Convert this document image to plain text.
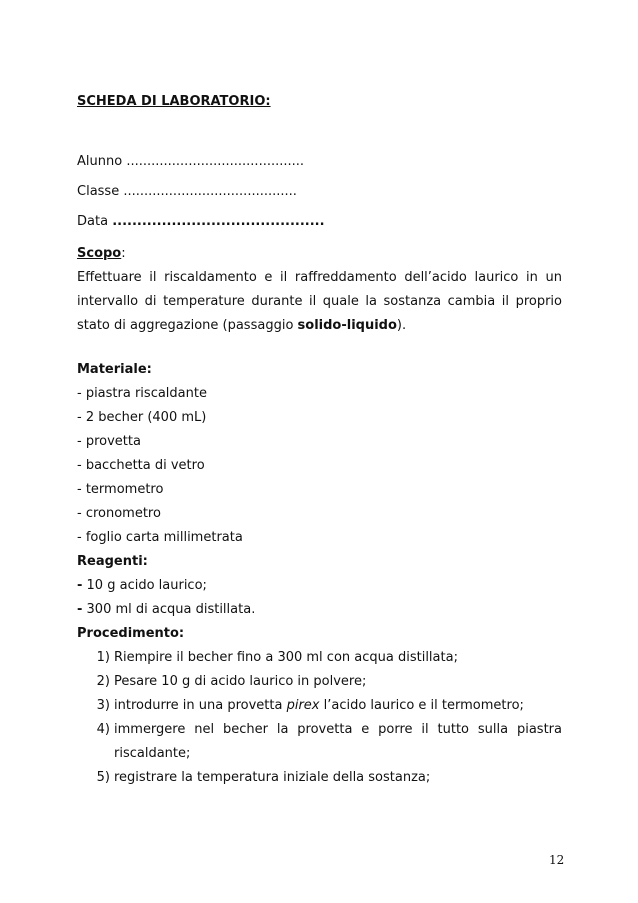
SCHEDA DI LABORATORIO:
Alunno ...........................................
Classe ..........................................
Data ...........................................
Scopo:
Effettuare il riscaldamento e il raffreddamento dell’acido laurico in un
intervallo di temperature durante il quale la sostanza cambia il proprio
stato di aggregazione (passaggio solido-liquido).
Materiale:
- piastra riscaldante
- 2 becher (400 mL)
- provetta
- bacchetta di vetro
- termometro
- cronometro
- foglio carta millimetrata
Reagenti:
- 10 g acido laurico;
- 300 ml di acqua distillata.
Procedimento:
1) Riempire il becher fino a 300 ml con acqua distillata;
2) Pesare 10 g di acido laurico in polvere;
3) introdurre in una provetta pirex l’acido laurico e il termometro;
4) immergere nel becher la provetta e porre il tutto sulla piastra
riscaldante;
5) registrare la temperatura iniziale della sostanza;
12
